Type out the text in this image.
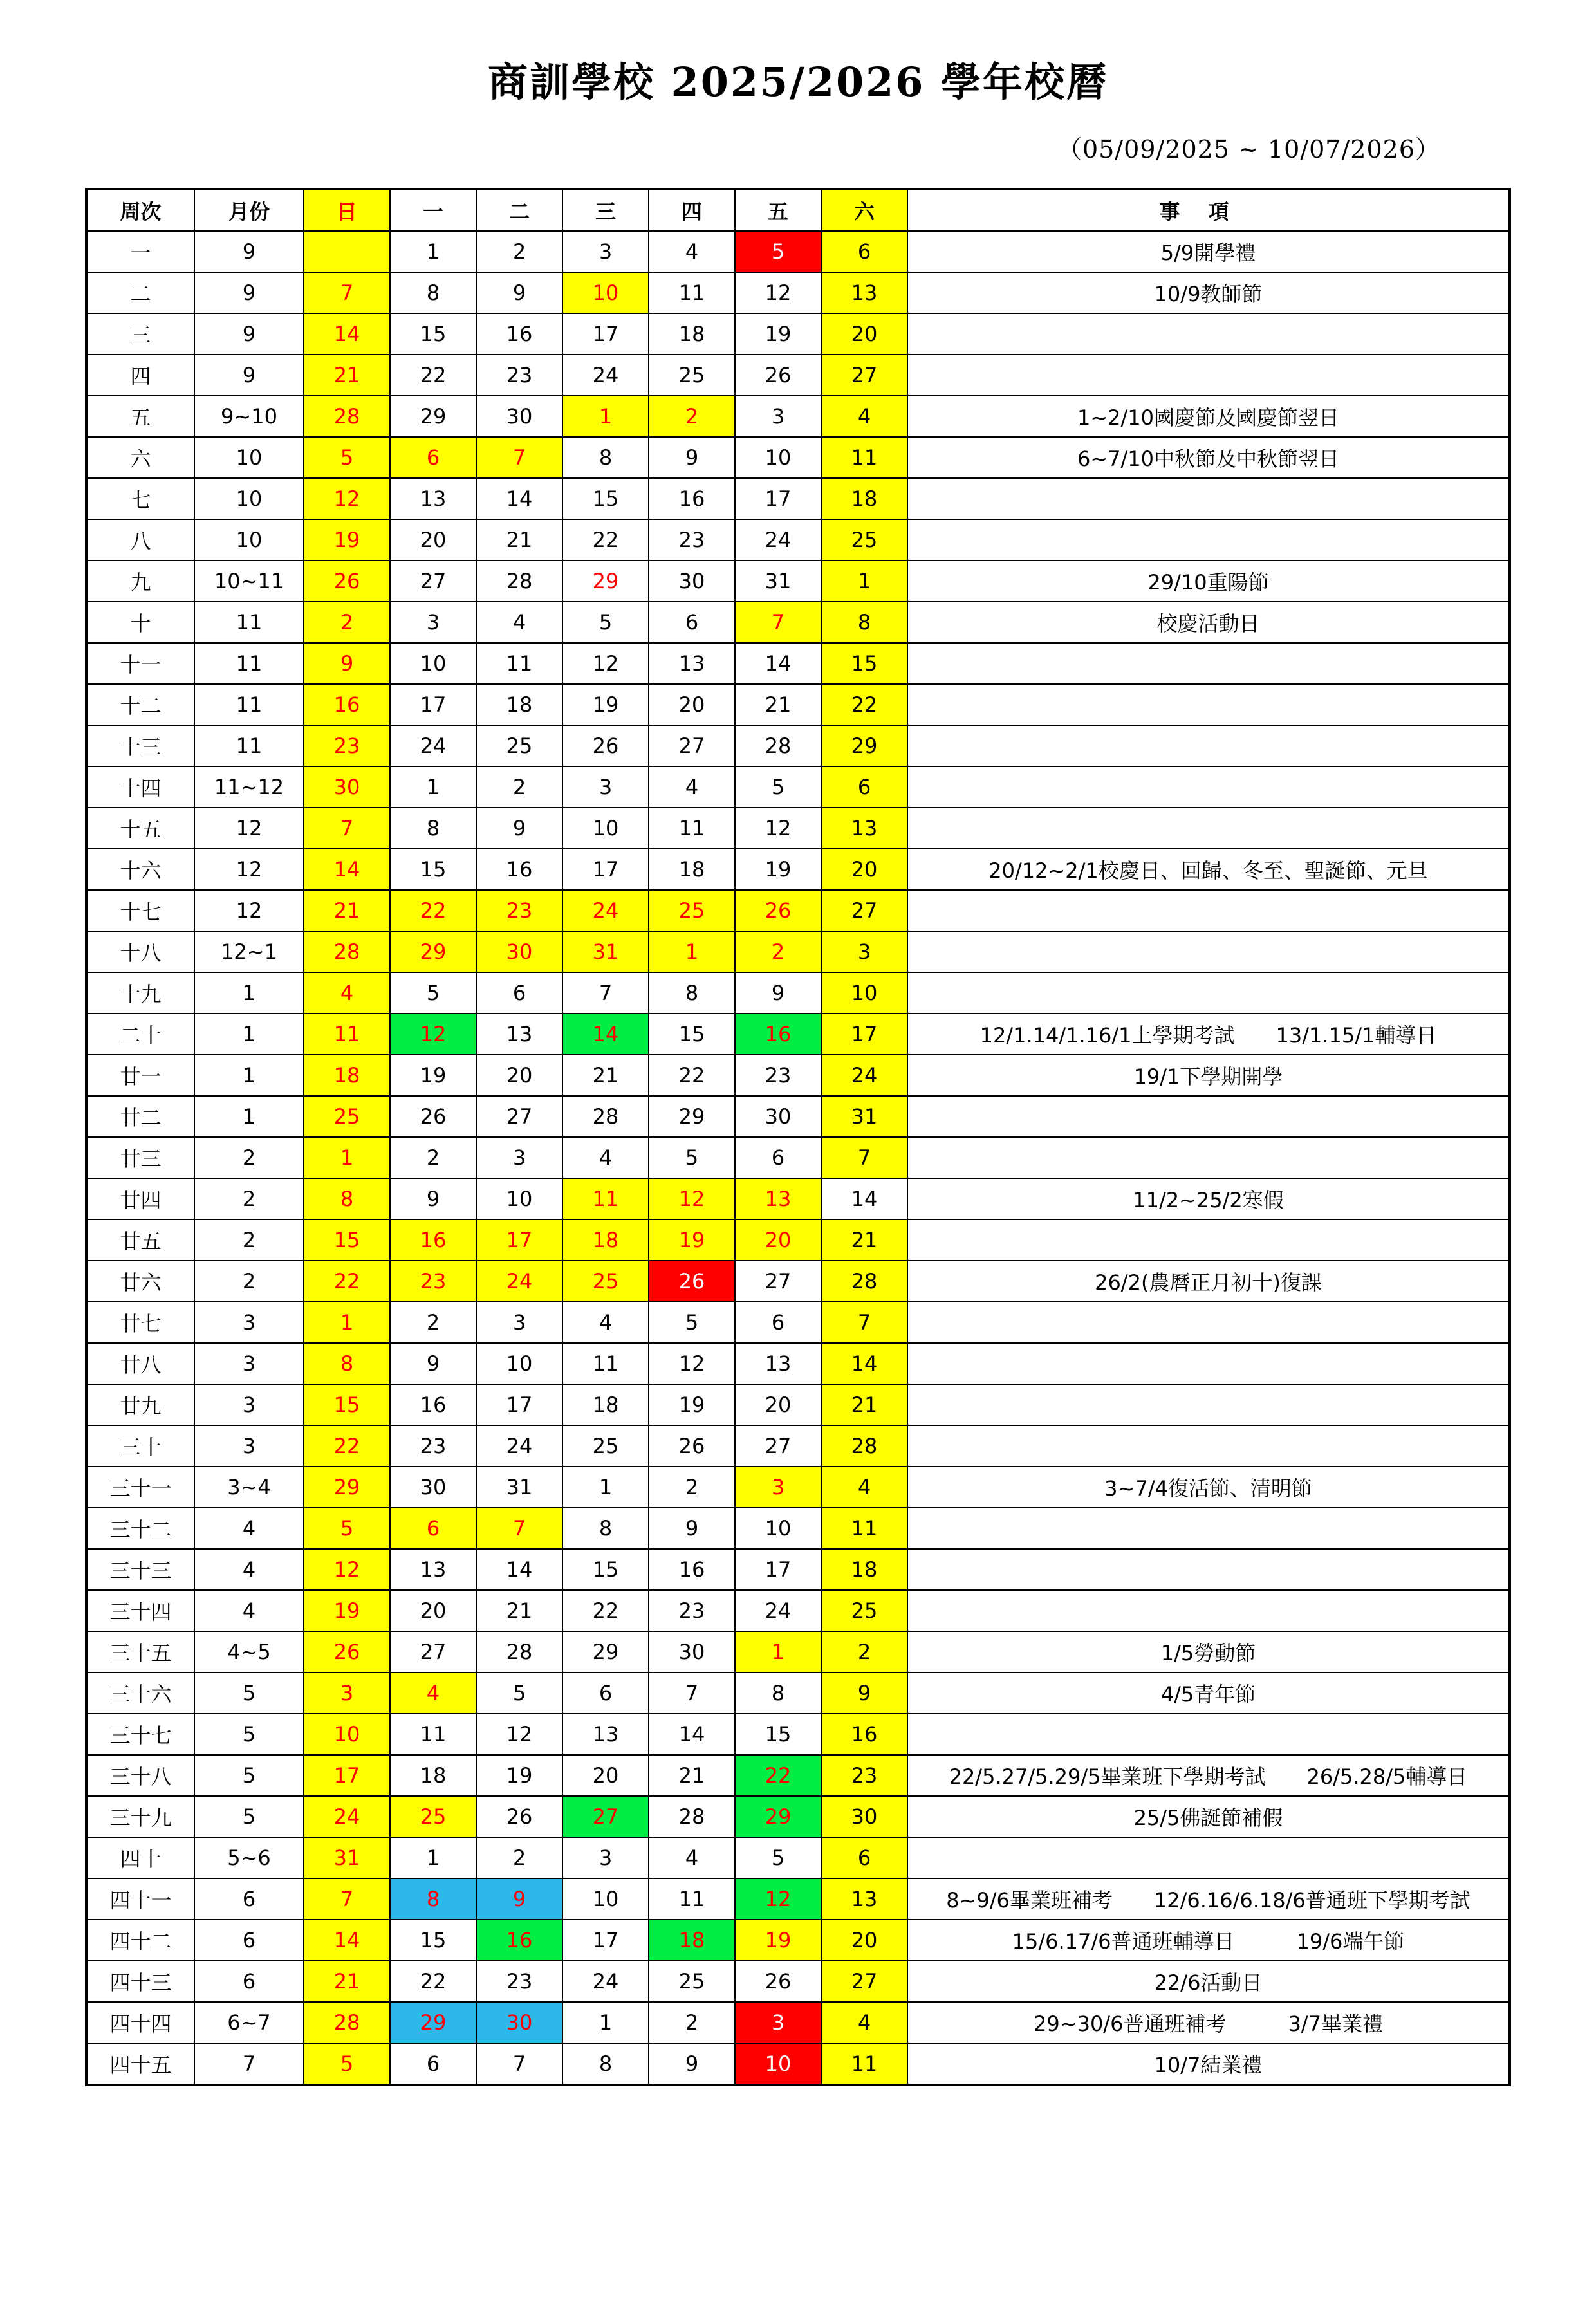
商訓學校 2025/2026 學年校曆
（05/09/2025 ~ 10/07/2026）
周次	月份	日	一	二	三	四	五	六	事項
一	9		1	2	3	4	5	6	5/9開學禮
二	9	7	8	9	10	11	12	13	10/9教師節
三	9	14	15	16	17	18	19	20	
四	9	21	22	23	24	25	26	27	
五	9~10	28	29	30	1	2	3	4	1~2/10國慶節及國慶節翌日
六	10	5	6	7	8	9	10	11	6~7/10中秋節及中秋節翌日
七	10	12	13	14	15	16	17	18	
八	10	19	20	21	22	23	24	25	
九	10~11	26	27	28	29	30	31	1	29/10重陽節
十	11	2	3	4	5	6	7	8	校慶活動日
十一	11	9	10	11	12	13	14	15	
十二	11	16	17	18	19	20	21	22	
十三	11	23	24	25	26	27	28	29	
十四	11~12	30	1	2	3	4	5	6	
十五	12	7	8	9	10	11	12	13	
十六	12	14	15	16	17	18	19	20	20/12~2/1校慶日、回歸、冬至、聖誕節、元旦
十七	12	21	22	23	24	25	26	27	
十八	12~1	28	29	30	31	1	2	3	
十九	1	4	5	6	7	8	9	10	
二十	1	11	12	13	14	15	16	17	12/1.14/1.16/1上學期考試　　13/1.15/1輔導日
廿一	1	18	19	20	21	22	23	24	19/1下學期開學
廿二	1	25	26	27	28	29	30	31	
廿三	2	1	2	3	4	5	6	7	
廿四	2	8	9	10	11	12	13	14	11/2~25/2寒假
廿五	2	15	16	17	18	19	20	21	
廿六	2	22	23	24	25	26	27	28	26/2(農曆正月初十)復課
廿七	3	1	2	3	4	5	6	7	
廿八	3	8	9	10	11	12	13	14	
廿九	3	15	16	17	18	19	20	21	
三十	3	22	23	24	25	26	27	28	
三十一	3~4	29	30	31	1	2	3	4	3~7/4復活節、清明節
三十二	4	5	6	7	8	9	10	11	
三十三	4	12	13	14	15	16	17	18	
三十四	4	19	20	21	22	23	24	25	
三十五	4~5	26	27	28	29	30	1	2	1/5勞動節
三十六	5	3	4	5	6	7	8	9	4/5青年節
三十七	5	10	11	12	13	14	15	16	
三十八	5	17	18	19	20	21	22	23	22/5.27/5.29/5畢業班下學期考試　　26/5.28/5輔導日
三十九	5	24	25	26	27	28	29	30	25/5佛誕節補假
四十	5~6	31	1	2	3	4	5	6	
四十一	6	7	8	9	10	11	12	13	8~9/6畢業班補考　　12/6.16/6.18/6普通班下學期考試
四十二	6	14	15	16	17	18	19	20	15/6.17/6普通班輔導日　　　19/6端午節
四十三	6	21	22	23	24	25	26	27	22/6活動日
四十四	6~7	28	29	30	1	2	3	4	29~30/6普通班補考　　　3/7畢業禮
四十五	7	5	6	7	8	9	10	11	10/7結業禮
